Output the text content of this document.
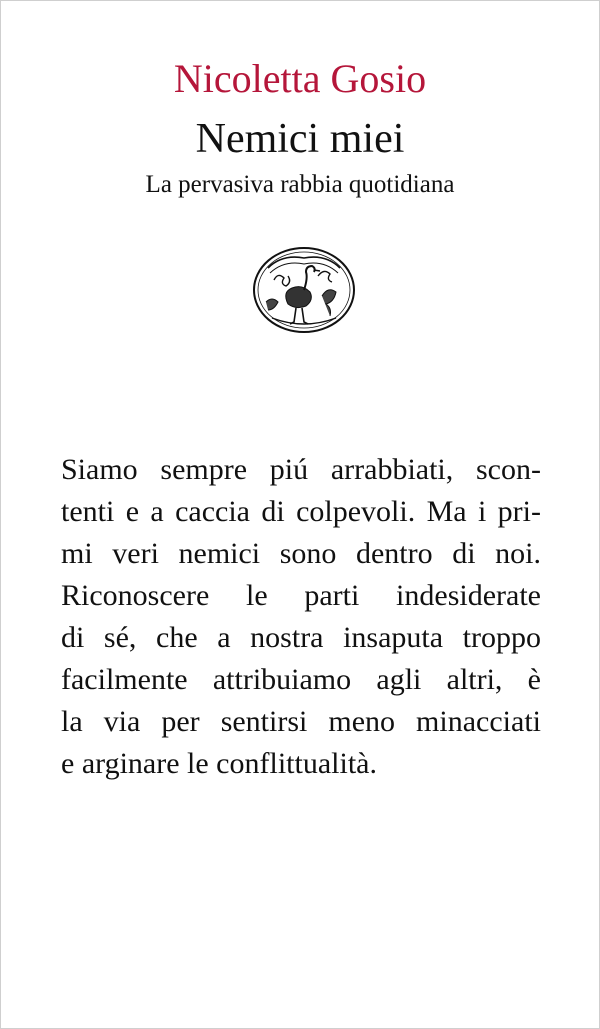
Nicoletta Gosio
Nemici miei
La pervasiva rabbia quotidiana

Siamo sempre piú arrabbiati, scon-
tenti e a caccia di colpevoli. Ma i pri-
mi veri nemici sono dentro di noi.
Riconoscere le parti indesiderate
di sé, che a nostra insaputa troppo
facilmente attribuiamo agli altri, è
la via per sentirsi meno minacciati
e arginare le conflittualità.
